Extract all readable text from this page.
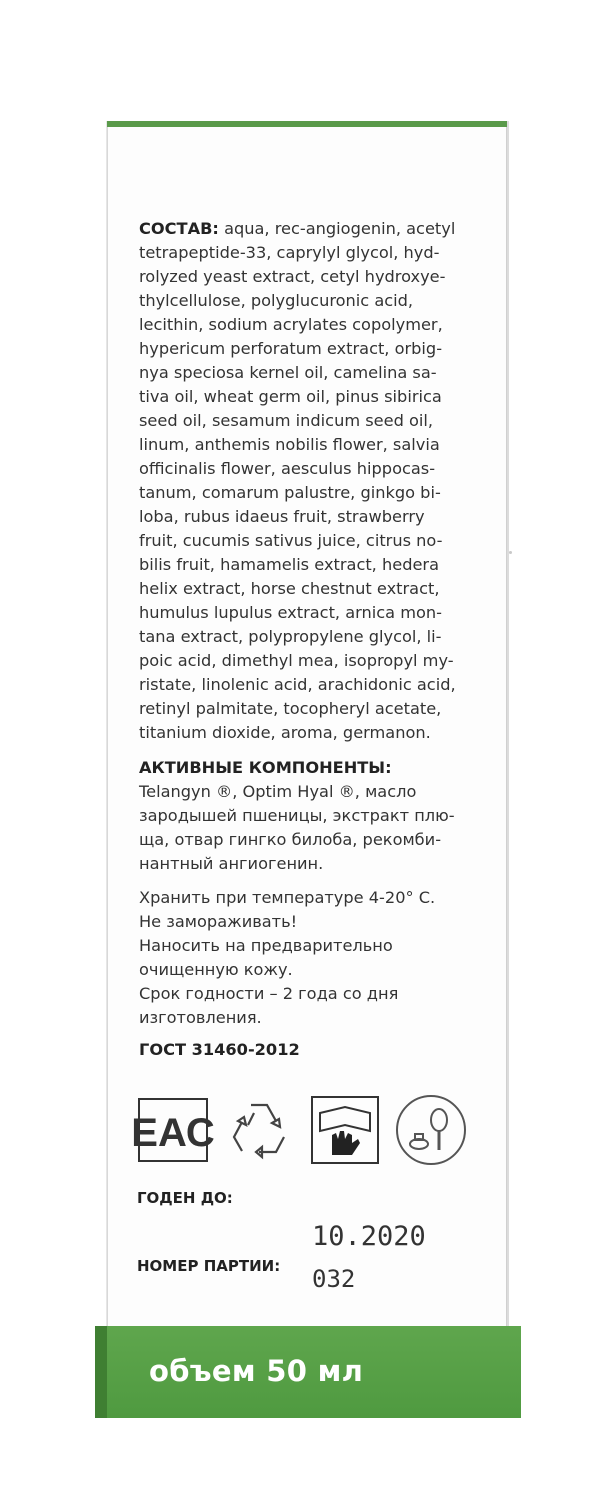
СОСТАВ: aqua, rec-angiogenin, acetyl
tetrapeptide-33, caprylyl glycol, hyd-
rolyzed yeast extract, cetyl hydroxye-
thylcellulose, polyglucuronic acid,
lecithin, sodium acrylates copolymer,
hypericum perforatum extract, orbig-
nya speciosa kernel oil, camelina sa-
tiva oil, wheat germ oil, pinus sibirica
seed oil, sesamum indicum seed oil,
linum, anthemis nobilis flower, salvia
officinalis flower, aesculus hippocas-
tanum, comarum palustre, ginkgo bi-
loba, rubus idaeus fruit, strawberry
fruit, cucumis sativus juice, citrus no-
bilis fruit, hamamelis extract, hedera
helix extract, horse chestnut extract,
humulus lupulus extract, arnica mon-
tana extract, polypropylene glycol, li-
poic acid, dimethyl mea, isopropyl my-
ristate, linolenic acid, arachidonic acid,
retinyl palmitate, tocopheryl acetate,
titanium dioxide, aroma, germanon.

АКТИВНЫЕ КОМПОНЕНТЫ:

Telangyn ®, Optim Hyal ®, масло
зародышей пшеницы, экстракт плю-
ща, отвар гингко билоба, рекомби-
нантный ангиогенин.

Хранить при температуре 4-20° С.
Не замораживать!
Наносить на предварительно
очищенную кожу.
Срок годности – 2 года со дня
изготовления.

ГОСТ 31460-2012

ЕАС
ГОДЕН ДО:
10.2020
НОМЕР ПАРТИИ: 032
объем 50 мл
